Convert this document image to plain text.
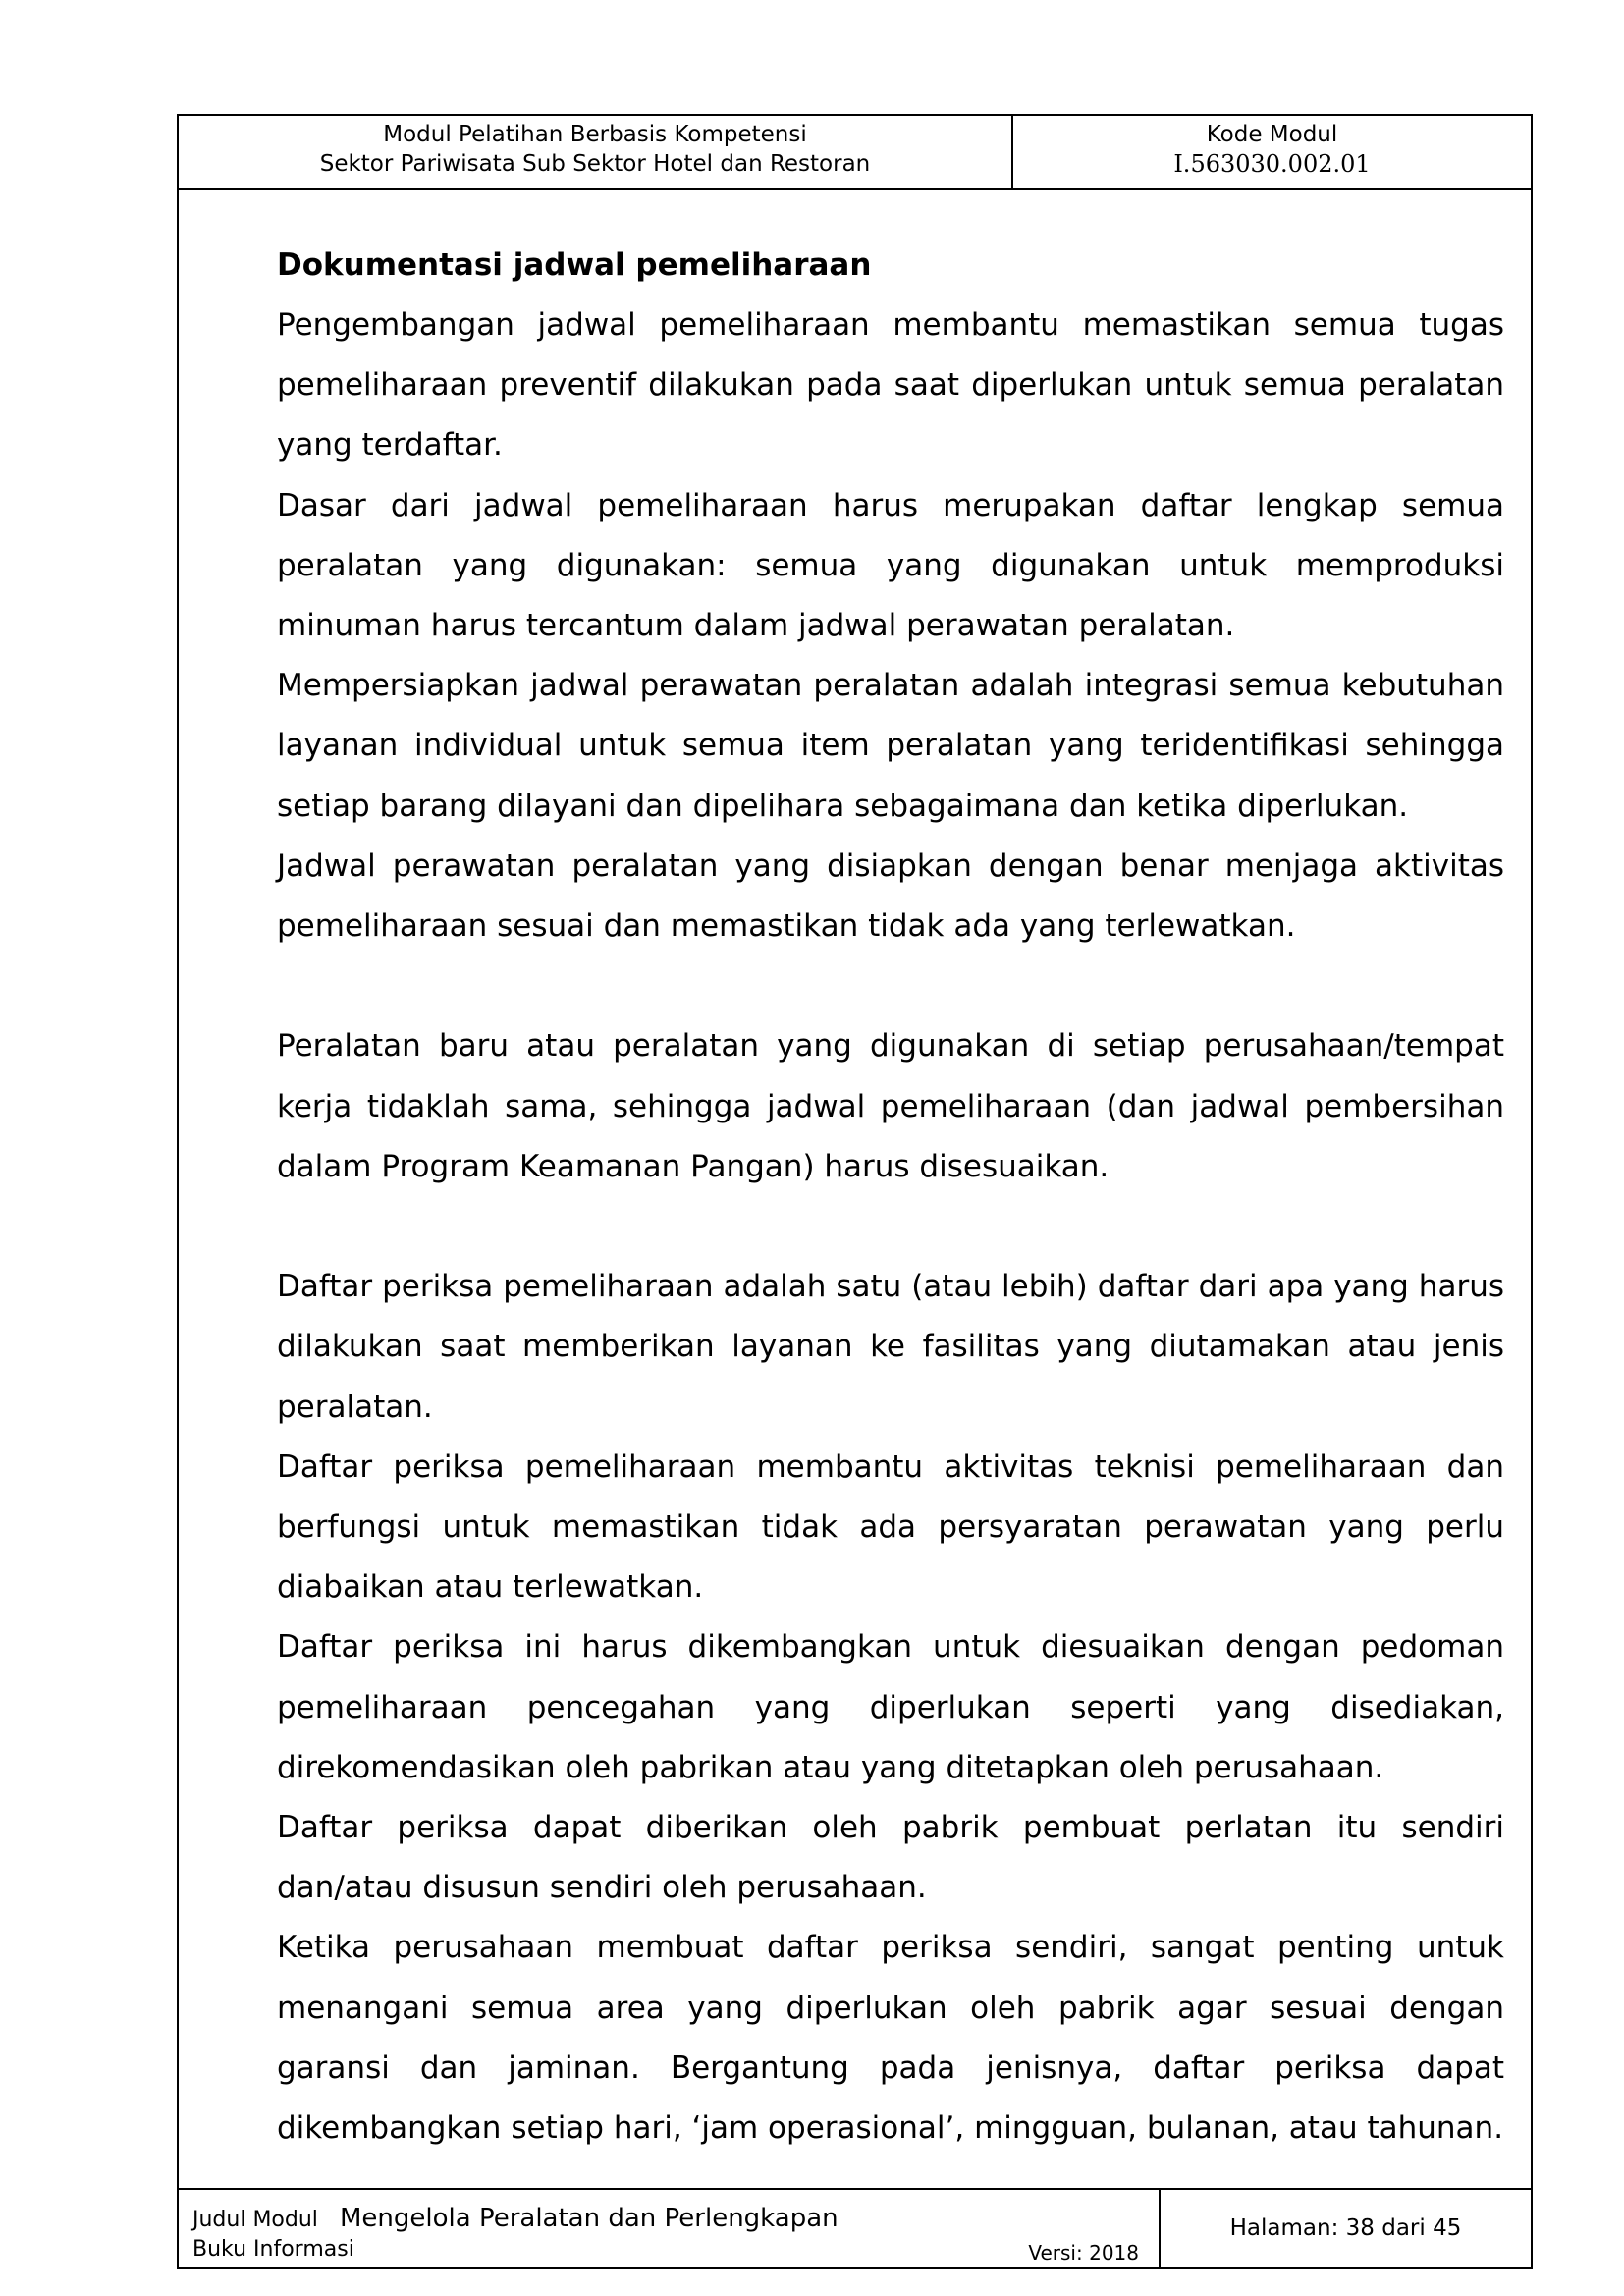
Modul Pelatihan Berbasis Kompetensi
Sektor Pariwisata Sub Sektor Hotel dan Restoran
Kode Modul
I.563030.002.01
Dokumentasi jadwal pemeliharaan

Pengembangan jadwal pemeliharaan membantu memastikan semua tugas pemeliharaan preventif dilakukan pada saat diperlukan untuk semua peralatan yang terdaftar.

Dasar dari jadwal pemeliharaan harus merupakan daftar lengkap semua peralatan yang digunakan: semua yang digunakan untuk memproduksi minuman harus tercantum dalam jadwal perawatan peralatan.

Mempersiapkan jadwal perawatan peralatan adalah integrasi semua kebutuhan layanan individual untuk semua item peralatan yang teridentifikasi sehingga setiap barang dilayani dan dipelihara sebagaimana dan ketika diperlukan.

Jadwal perawatan peralatan yang disiapkan dengan benar menjaga aktivitas pemeliharaan sesuai dan memastikan tidak ada yang terlewatkan.

Peralatan baru atau peralatan yang digunakan di setiap perusahaan/tempat kerja tidaklah sama, sehingga jadwal pemeliharaan (dan jadwal pembersihan dalam Program Keamanan Pangan) harus disesuaikan.

Daftar periksa pemeliharaan adalah satu (atau lebih) daftar dari apa yang harus dilakukan saat memberikan layanan ke fasilitas yang diutamakan atau jenis peralatan.

Daftar periksa pemeliharaan membantu aktivitas teknisi pemeliharaan dan berfungsi untuk memastikan tidak ada persyaratan perawatan yang perlu diabaikan atau terlewatkan.

Daftar periksa ini harus dikembangkan untuk diesuaikan dengan pedoman pemeliharaan pencegahan yang diperlukan seperti yang disediakan, direkomendasikan oleh pabrikan atau yang ditetapkan oleh perusahaan.

Daftar periksa dapat diberikan oleh pabrik pembuat perlatan itu sendiri dan/atau disusun sendiri oleh perusahaan.

Ketika perusahaan membuat daftar periksa sendiri, sangat penting untuk menangani semua area yang diperlukan oleh pabrik agar sesuai dengan garansi dan jaminan. Bergantung pada jenisnya, daftar periksa dapat dikembangkan setiap hari, ‘jam operasional’, mingguan, bulanan, atau tahunan.

Judul Modul Mengelola Peralatan dan Perlengkapan
Buku Informasi	Versi: 2018
Halaman: 38 dari 45
